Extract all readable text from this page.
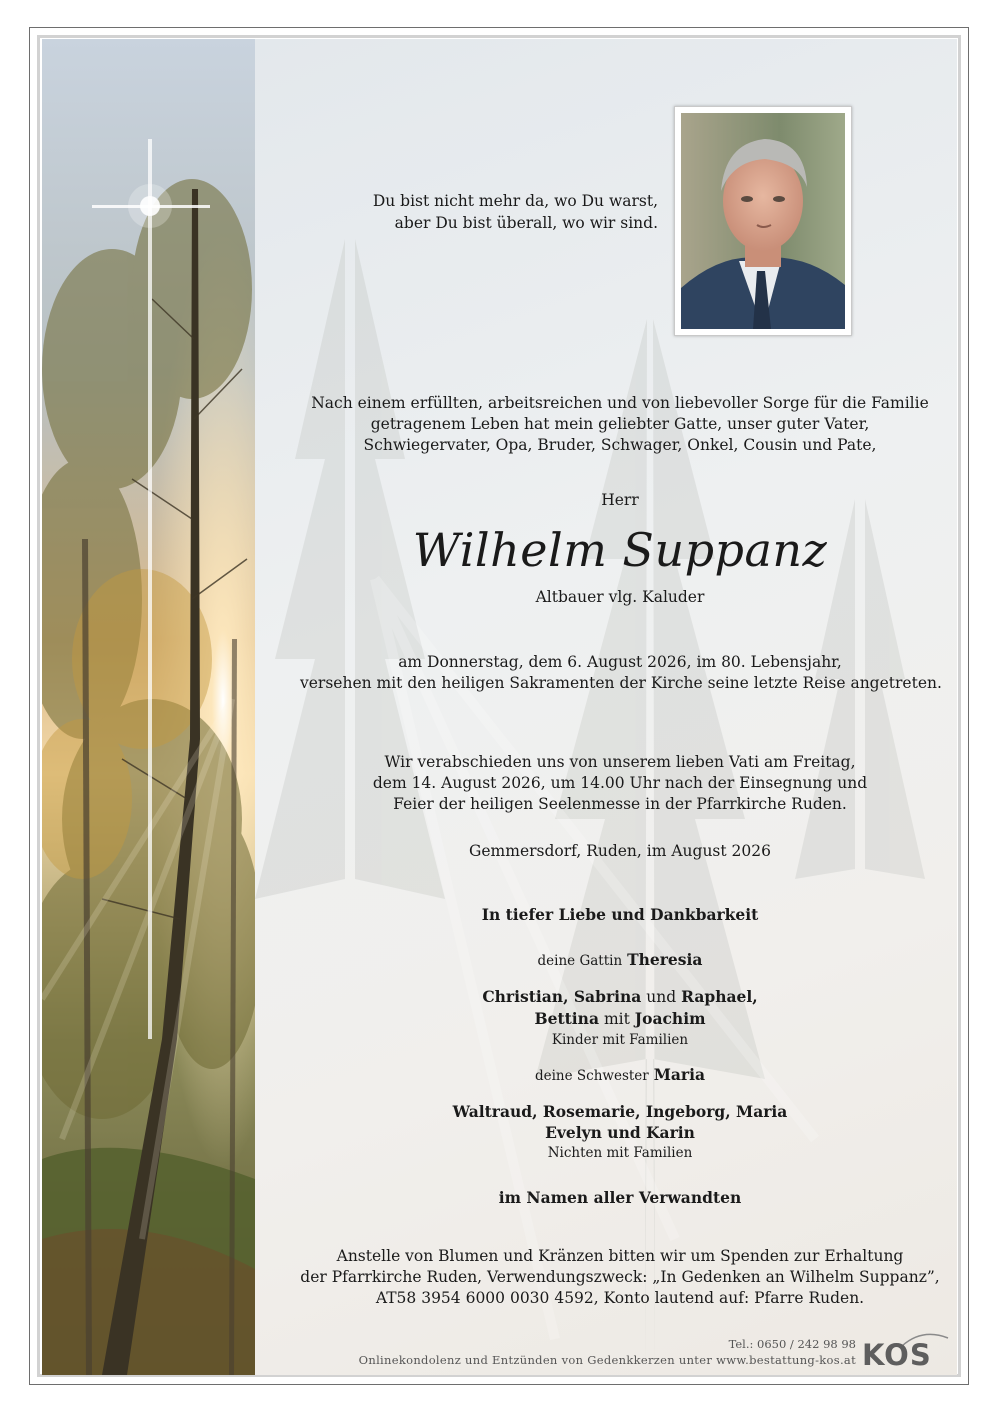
Du bist nicht mehr da, wo Du warst,
aber Du bist überall, wo wir sind.
Nach einem erfüllten, arbeitsreichen und von liebevoller Sorge für die Familie
getragenem Leben hat mein geliebter Gatte, unser guter Vater,
Schwiegervater, Opa, Bruder, Schwager, Onkel, Cousin und Pate,
Herr
Wilhelm Suppanz
Altbauer vlg. Kaluder
am Donnerstag, dem 6. August 2026, im 80. Lebensjahr,
versehen mit den heiligen Sakramenten der Kirche seine letzte Reise angetreten.
Wir verabschieden uns von unserem lieben Vati am Freitag,
dem 14. August 2026, um 14.00 Uhr nach der Einsegnung und
Feier der heiligen Seelenmesse in der Pfarrkirche Ruden.
Gemmersdorf, Ruden, im August 2026
In tiefer Liebe und Dankbarkeit
deine Gattin Theresia
Christian, Sabrina und Raphael,
Bettina mit Joachim
Kinder mit Familien
deine Schwester Maria
Waltraud, Rosemarie, Ingeborg, Maria
Evelyn und Karin
Nichten mit Familien
im Namen aller Verwandten
Anstelle von Blumen und Kränzen bitten wir um Spenden zur Erhaltung
der Pfarrkirche Ruden, Verwendungszweck: „In Gedenken an Wilhelm Suppanz”,
AT58 3954 6000 0030 4592, Konto lautend auf: Pfarre Ruden.
Tel.: 0650 / 242 98 98
Onlinekondolenz und Entzünden von Gedenkkerzen unter www.bestattung-kos.at KOS
